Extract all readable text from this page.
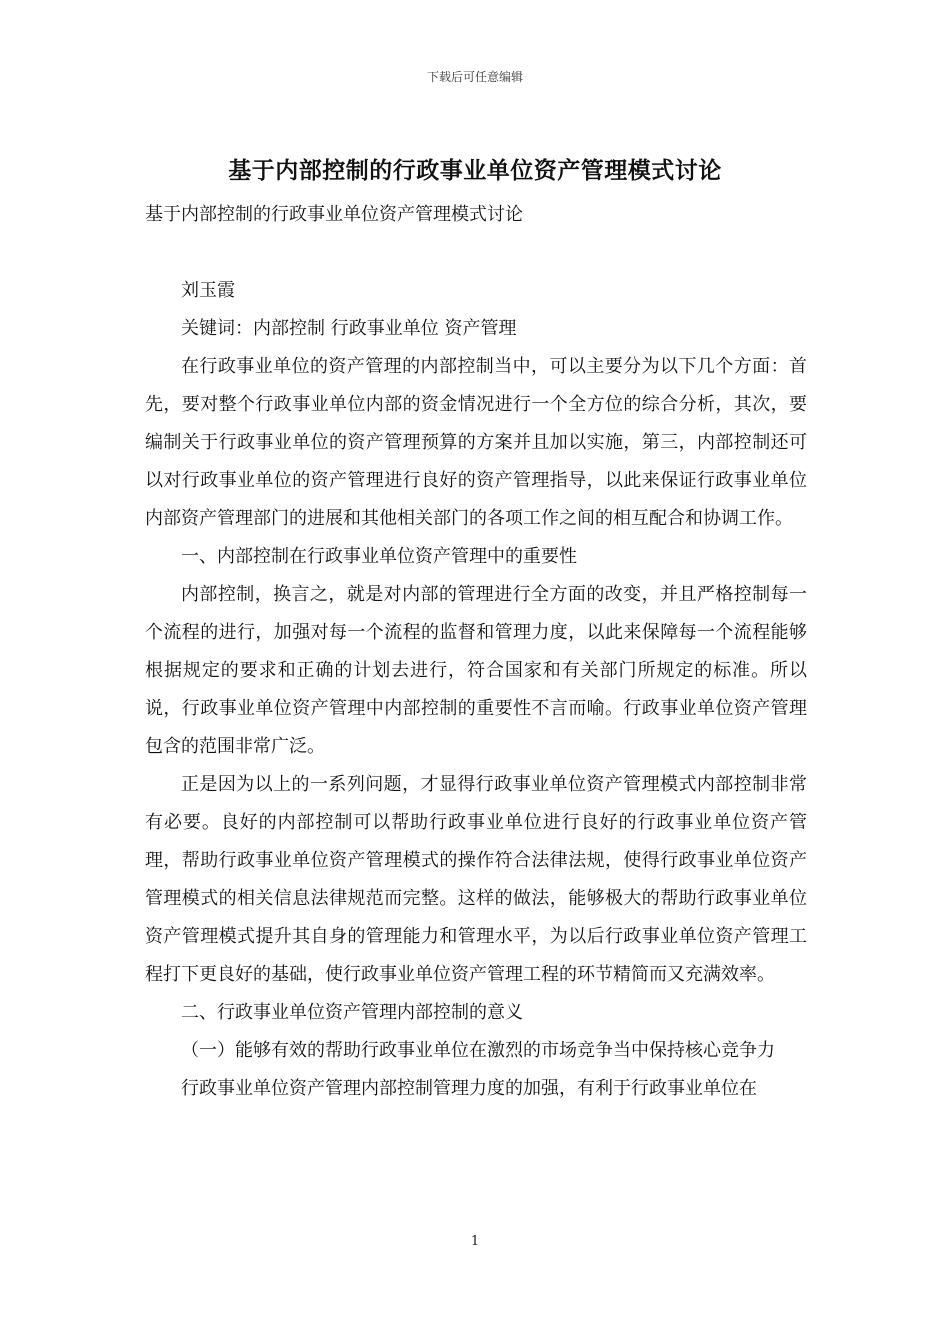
下载后可任意编辑
基于内部控制的行政事业单位资产管理模式讨论

基于内部控制的行政事业单位资产管理模式讨论

刘玉霞

关键词：内部控制 行政事业单位 资产管理

在行政事业单位的资产管理的内部控制当中，可以主要分为以下几个方面：首先，要对整个行政事业单位内部的资金情况进行一个全方位的综合分析，其次，要编制关于行政事业单位的资产管理预算的方案并且加以实施，第三，内部控制还可以对行政事业单位的资产管理进行良好的资产管理指导，以此来保证行政事业单位内部资产管理部门的进展和其他相关部门的各项工作之间的相互配合和协调工作。

一、内部控制在行政事业单位资产管理中的重要性

内部控制，换言之，就是对内部的管理进行全方面的改变，并且严格控制每一个流程的进行，加强对每一个流程的监督和管理力度，以此来保障每一个流程能够根据规定的要求和正确的计划去进行，符合国家和有关部门所规定的标准。所以说，行政事业单位资产管理中内部控制的重要性不言而喻。行政事业单位资产管理包含的范围非常广泛。

正是因为以上的一系列问题，才显得行政事业单位资产管理模式内部控制非常有必要。良好的内部控制可以帮助行政事业单位进行良好的行政事业单位资产管理，帮助行政事业单位资产管理模式的操作符合法律法规，使得行政事业单位资产管理模式的相关信息法律规范而完整。这样的做法，能够极大的帮助行政事业单位资产管理模式提升其自身的管理能力和管理水平，为以后行政事业单位资产管理工程打下更良好的基础，使行政事业单位资产管理工程的环节精简而又充满效率。

二、行政事业单位资产管理内部控制的意义

（一）能够有效的帮助行政事业单位在激烈的市场竞争当中保持核心竞争力

行政事业单位资产管理内部控制管理力度的加强，有利于行政事业单位在

1
